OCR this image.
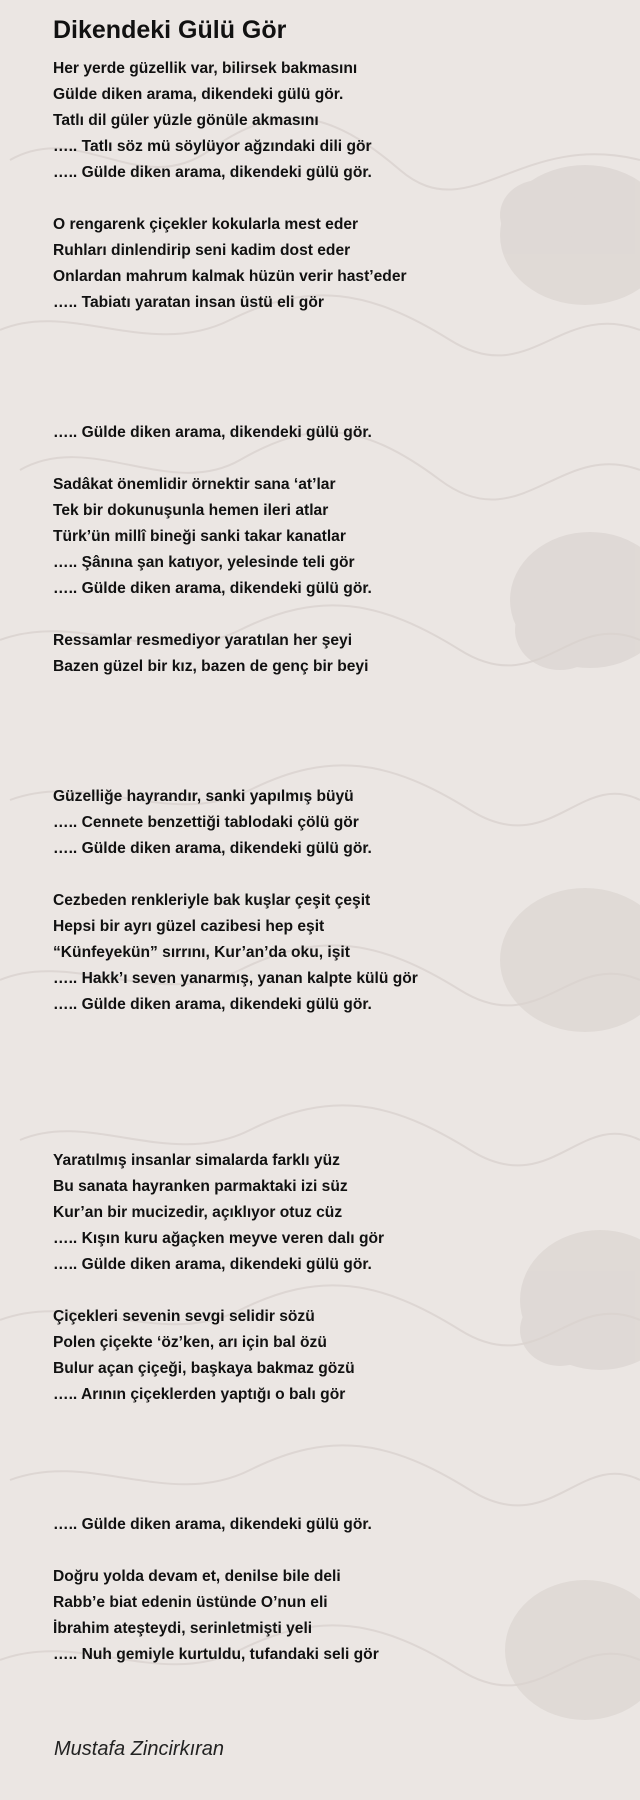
Dikendeki Gülü Gör
Her yerde güzellik var, bilirsek bakmasını
Gülde diken arama, dikendeki gülü gör.
Tatlı dil güler yüzle gönüle akmasını
….. Tatlı söz mü söylüyor ağzındaki dili gör
….. Gülde diken arama, dikendeki gülü gör.
O rengarenk çiçekler kokularla mest eder
Ruhları dinlendirip seni kadim dost eder
Onlardan mahrum kalmak hüzün verir hast’eder
….. Tabiatı yaratan insan üstü eli gör
….. Gülde diken arama, dikendeki gülü gör.
Sadâkat önemlidir örnektir sana ‘at’lar
Tek bir dokunuşunla hemen ileri atlar
Türk’ün millî bineği sanki takar kanatlar
….. Şânına şan katıyor, yelesinde teli gör
….. Gülde diken arama, dikendeki gülü gör.
Ressamlar resmediyor yaratılan her şeyi
Bazen güzel bir kız, bazen de genç bir beyi
Güzelliğe hayrandır, sanki yapılmış büyü
….. Cennete benzettiği tablodaki çölü gör
….. Gülde diken arama, dikendeki gülü gör.
Cezbeden renkleriyle bak kuşlar çeşit çeşit
Hepsi bir ayrı güzel cazibesi hep eşit
“Künfeyekün” sırrını, Kur’an’da oku, işit
….. Hakk’ı seven yanarmış, yanan kalpte külü gör
….. Gülde diken arama, dikendeki gülü gör.
Yaratılmış insanlar simalarda farklı yüz
Bu sanata hayranken parmaktaki izi süz
Kur’an bir mucizedir, açıklıyor otuz cüz
….. Kışın kuru ağaçken meyve veren dalı gör
….. Gülde diken arama, dikendeki gülü gör.
Çiçekleri sevenin sevgi selidir sözü
Polen çiçekte ‘öz’ken, arı için bal özü
Bulur açan çiçeği, başkaya bakmaz gözü
….. Arının çiçeklerden yaptığı o balı gör
….. Gülde diken arama, dikendeki gülü gör.
Doğru yolda devam et, denilse bile deli
Rabb’e biat edenin üstünde O’nun eli
İbrahim ateşteydi, serinletmişti yeli
….. Nuh gemiyle kurtuldu, tufandaki seli gör
Mustafa Zincirkıran
